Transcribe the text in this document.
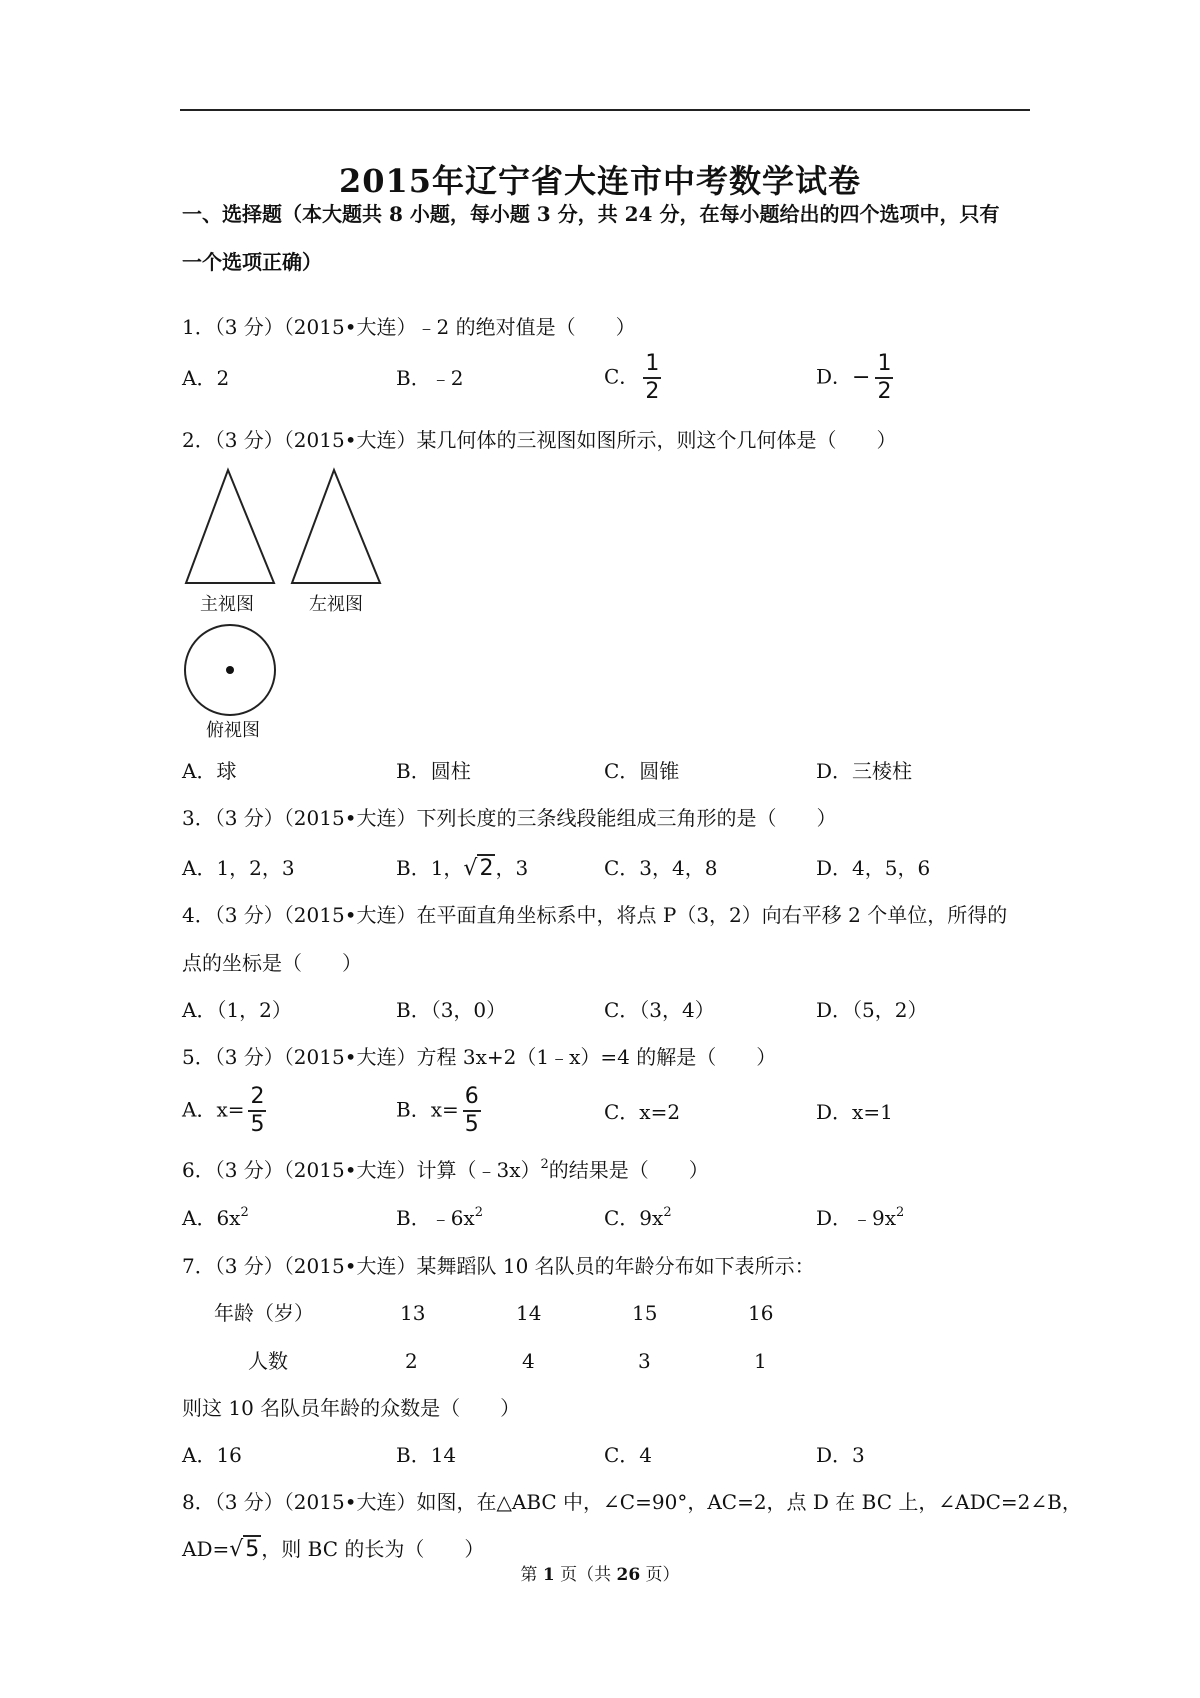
2015年辽宁省大连市中考数学试卷
一、选择题（本大题共 8 小题，每小题 3 分，共 24 分，在每小题给出的四个选项中，只有
一个选项正确）
1．（3 分）（2015•大连）﹣2 的绝对值是（　　）
A．2	B．﹣2	C． $\frac{1}{2}$	D．− $\frac{1}{2}$
2．（3 分）（2015•大连）某几何体的三视图如图所示，则这个几何体是（　　）
主视图	左视图
俯视图
A．球	B．圆柱	C．圆锥	D．三棱柱
3．（3 分）（2015•大连）下列长度的三条线段能组成三角形的是（　　）
A．1，2，3	B．1，√2 ，3	C．3，4，8	D．4，5，6
4．（3 分）（2015•大连）在平面直角坐标系中，将点 P（3，2）向右平移 2 个单位，所得的
点的坐标是（　　）
A．（1，2）	B．（3，0）	C．（3，4）	D．（5，2）
5．（3 分）（2015•大连）方程 3x+2（1﹣x）=4 的解是（　　）
A．$x= \frac{2}{5}$	B．$x= \frac{6}{5}$	C．x=2	D．x=1
6．（3 分）（2015•大连）计算（﹣3x）$^2$的结果是（　　）
A．$6x^2$	B．$﹣6x^2$	C．$9x^2$	D．$﹣9x^2$
7．（3 分）（2015•大连）某舞蹈队 10 名队员的年龄分布如下表所示：
年龄（岁）	13	14	15	16
人数	2	4	3	1
则这 10 名队员年龄的众数是（　　）
A．16	B．14	C．4	D．3
8．（3 分）（2015•大连）如图，在△ABC 中，∠C=90°，AC=2，点 D 在 BC 上，∠ADC=2∠B，
AD=√5 ，则 BC 的长为（　　）
第 1 页（共 26 页）
